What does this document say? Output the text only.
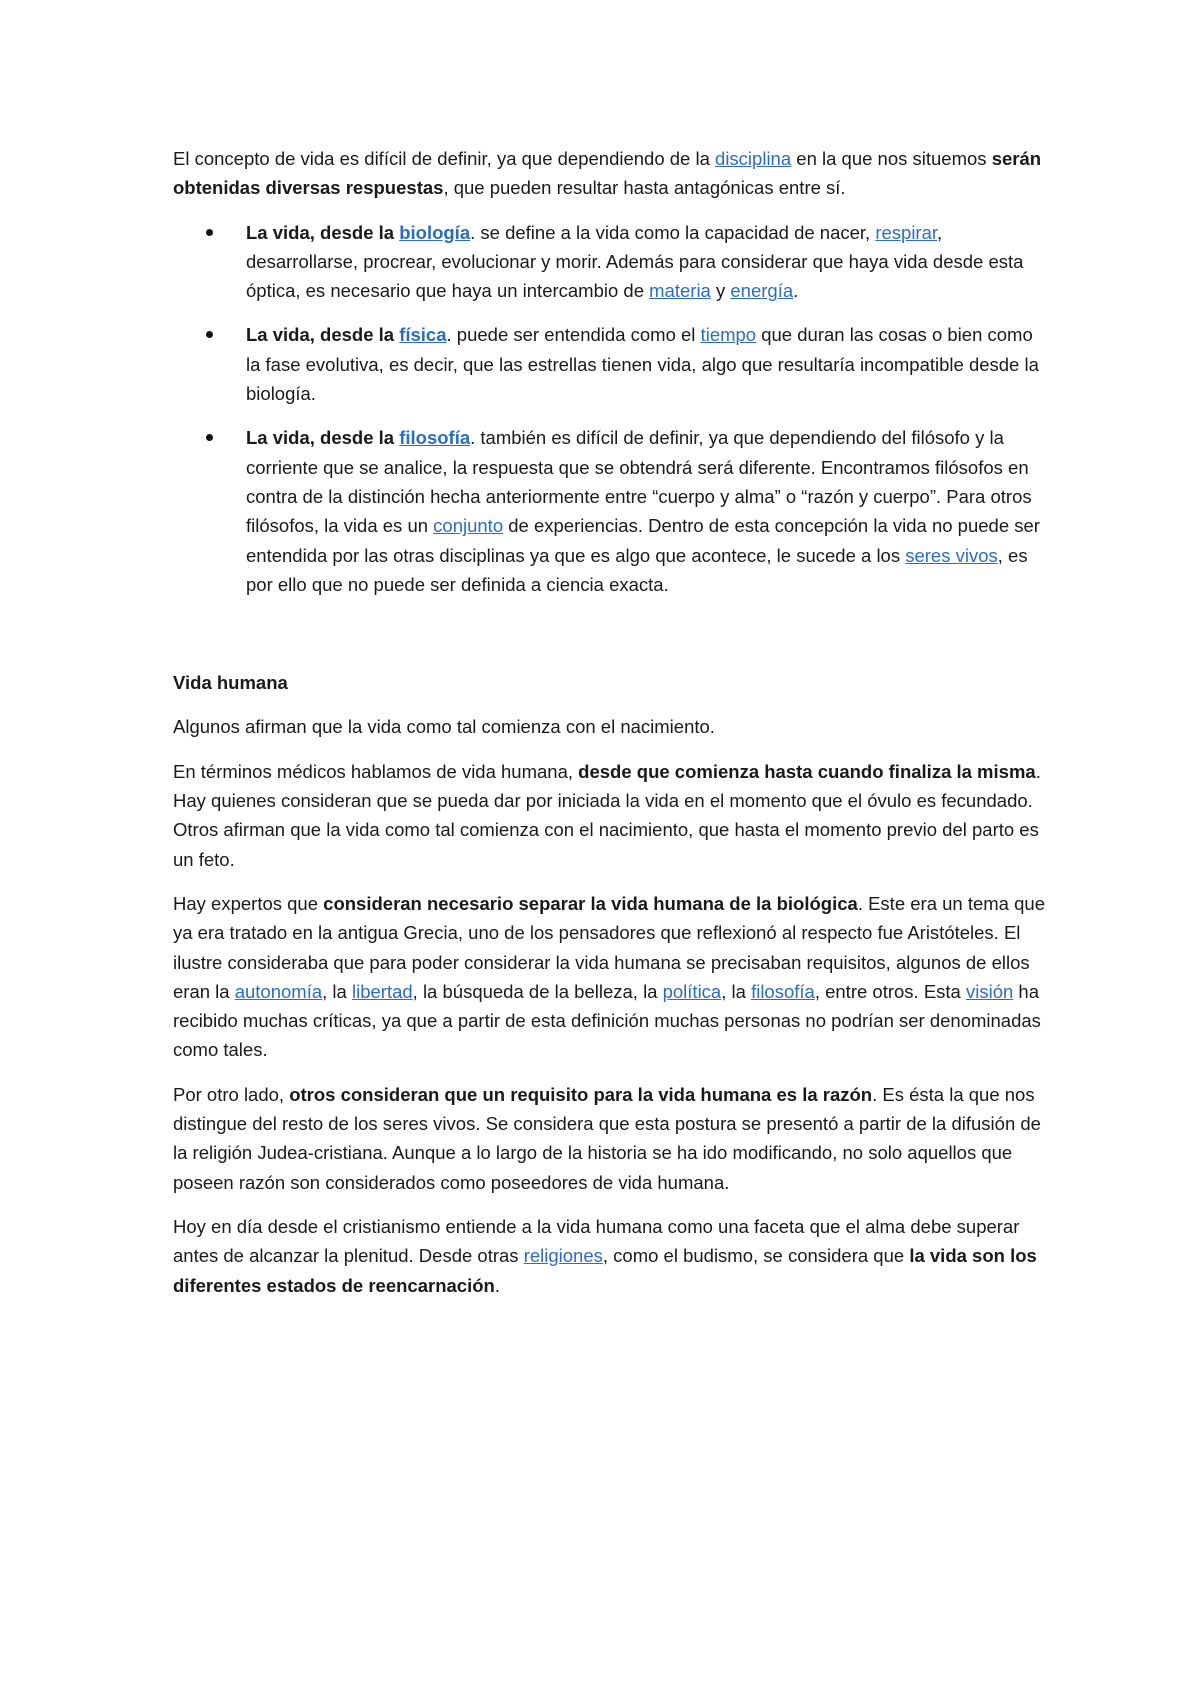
El concepto de vida es difícil de definir, ya que dependiendo de la disciplina en la que nos situemos serán obtenidas diversas respuestas, que pueden resultar hasta antagónicas entre sí.

La vida, desde la biología. se define a la vida como la capacidad de nacer, respirar, desarrollarse, procrear, evolucionar y morir. Además para considerar que haya vida desde esta óptica, es necesario que haya un intercambio de materia y energía.
La vida, desde la física. puede ser entendida como el tiempo que duran las cosas o bien como la fase evolutiva, es decir, que las estrellas tienen vida, algo que resultaría incompatible desde la biología.
La vida, desde la filosofía. también es difícil de definir, ya que dependiendo del filósofo y la corriente que se analice, la respuesta que se obtendrá será diferente. Encontramos filósofos en contra de la distinción hecha anteriormente entre “cuerpo y alma” o “razón y cuerpo”. Para otros filósofos, la vida es un conjunto de experiencias. Dentro de esta concepción la vida no puede ser entendida por las otras disciplinas ya que es algo que acontece, le sucede a los seres vivos, es por ello que no puede ser definida a ciencia exacta.

Vida humana

Algunos afirman que la vida como tal comienza con el nacimiento.

En términos médicos hablamos de vida humana, desde que comienza hasta cuando finaliza la misma. Hay quienes consideran que se pueda dar por iniciada la vida en el momento que el óvulo es fecundado. Otros afirman que la vida como tal comienza con el nacimiento, que hasta el momento previo del parto es un feto.

Hay expertos que consideran necesario separar la vida humana de la biológica. Este era un tema que ya era tratado en la antigua Grecia, uno de los pensadores que reflexionó al respecto fue Aristóteles. El ilustre consideraba que para poder considerar la vida humana se precisaban requisitos, algunos de ellos eran la autonomía, la libertad, la búsqueda de la belleza, la política, la filosofía, entre otros. Esta visión ha recibido muchas críticas, ya que a partir de esta definición muchas personas no podrían ser denominadas como tales.

Por otro lado, otros consideran que un requisito para la vida humana es la razón. Es ésta la que nos distingue del resto de los seres vivos. Se considera que esta postura se presentó a partir de la difusión de la religión Judea-cristiana. Aunque a lo largo de la historia se ha ido modificando, no solo aquellos que poseen razón son considerados como poseedores de vida humana.

Hoy en día desde el cristianismo entiende a la vida humana como una faceta que el alma debe superar antes de alcanzar la plenitud. Desde otras religiones, como el budismo, se considera que la vida son los diferentes estados de reencarnación.
